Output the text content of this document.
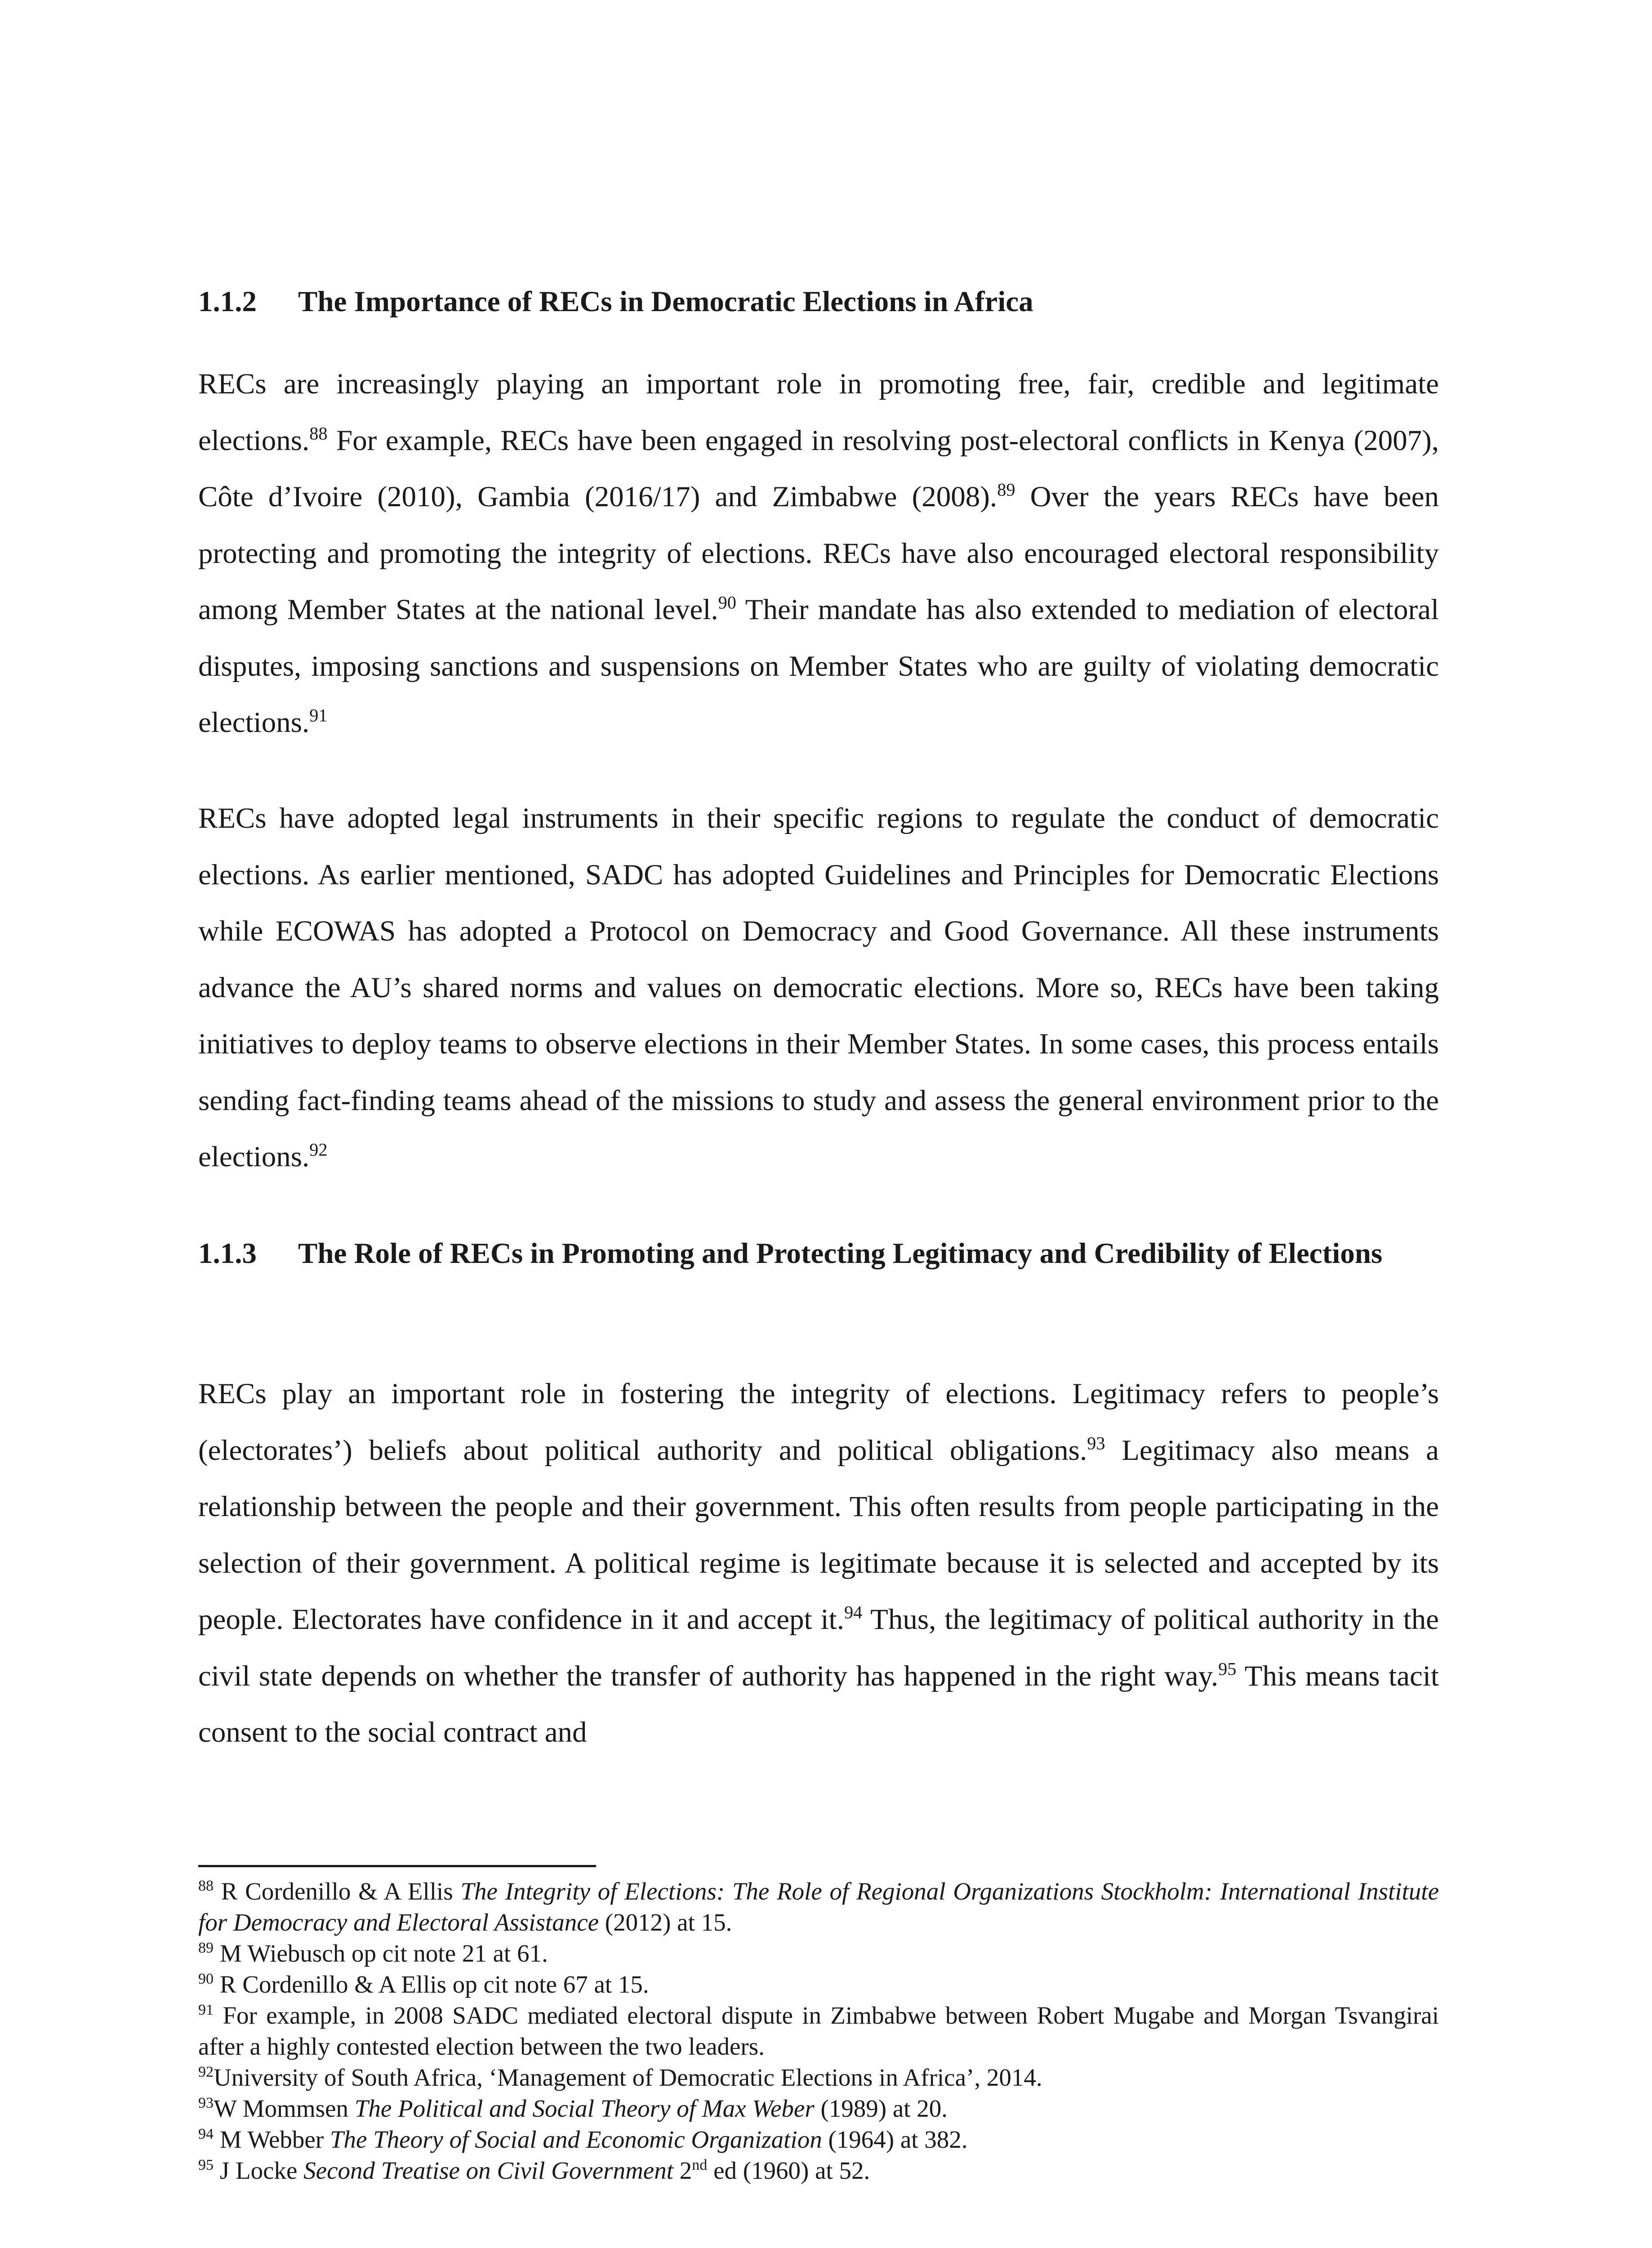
1.1.2 The Importance of RECs in Democratic Elections in Africa

RECs are increasingly playing an important role in promoting free, fair, credible and legitimate elections.$^{88}$ For example, RECs have been engaged in resolving post-electoral conflicts in Kenya (2007), Côte d’Ivoire (2010), Gambia (2016/17) and Zimbabwe (2008).$^{89}$ Over the years RECs have been protecting and promoting the integrity of elections. RECs have also encouraged electoral responsibility among Member States at the national level.$^{90}$ Their mandate has also extended to mediation of electoral disputes, imposing sanctions and suspensions on Member States who are guilty of violating democratic elections.$^{91}$

RECs have adopted legal instruments in their specific regions to regulate the conduct of democratic elections. As earlier mentioned, SADC has adopted Guidelines and Principles for Democratic Elections while ECOWAS has adopted a Protocol on Democracy and Good Governance. All these instruments advance the AU’s shared norms and values on democratic elections. More so, RECs have been taking initiatives to deploy teams to observe elections in their Member States. In some cases, this process entails sending fact-finding teams ahead of the missions to study and assess the general environment prior to the elections.$^{92}$

1.1.3	The Role of RECs in Promoting and Protecting Legitimacy and Credibility of Elections

RECs play an important role in fostering the integrity of elections. Legitimacy refers to people’s (electorates’) beliefs about political authority and political obligations.$^{93}$ Legitimacy also means a relationship between the people and their government. This often results from people participating in the selection of their government. A political regime is legitimate because it is selected and accepted by its people. Electorates have confidence in it and accept it.$^{94}$ Thus, the legitimacy of political authority in the civil state depends on whether the transfer of authority has happened in the right way.$^{95}$ This means tacit consent to the social contract and

$^{88}$ R Cordenillo & A Ellis The Integrity of Elections: The Role of Regional Organizations Stockholm: International Institute for Democracy and Electoral Assistance (2012) at 15.

$^{89}$ M Wiebusch op cit note 21 at 61.

$^{90}$ R Cordenillo & A Ellis op cit note 67 at 15.

$^{91}$ For example, in 2008 SADC mediated electoral dispute in Zimbabwe between Robert Mugabe and Morgan Tsvangirai after a highly contested election between the two leaders.

$^{92}$University of South Africa, ‘Management of Democratic Elections in Africa’, 2014.

$^{93}$W Mommsen The Political and Social Theory of Max Weber (1989) at 20.

$^{94}$ M Webber The Theory of Social and Economic Organization (1964) at 382.

$^{95}$ J Locke Second Treatise on Civil Government 2nd ed (1960) at 52.
